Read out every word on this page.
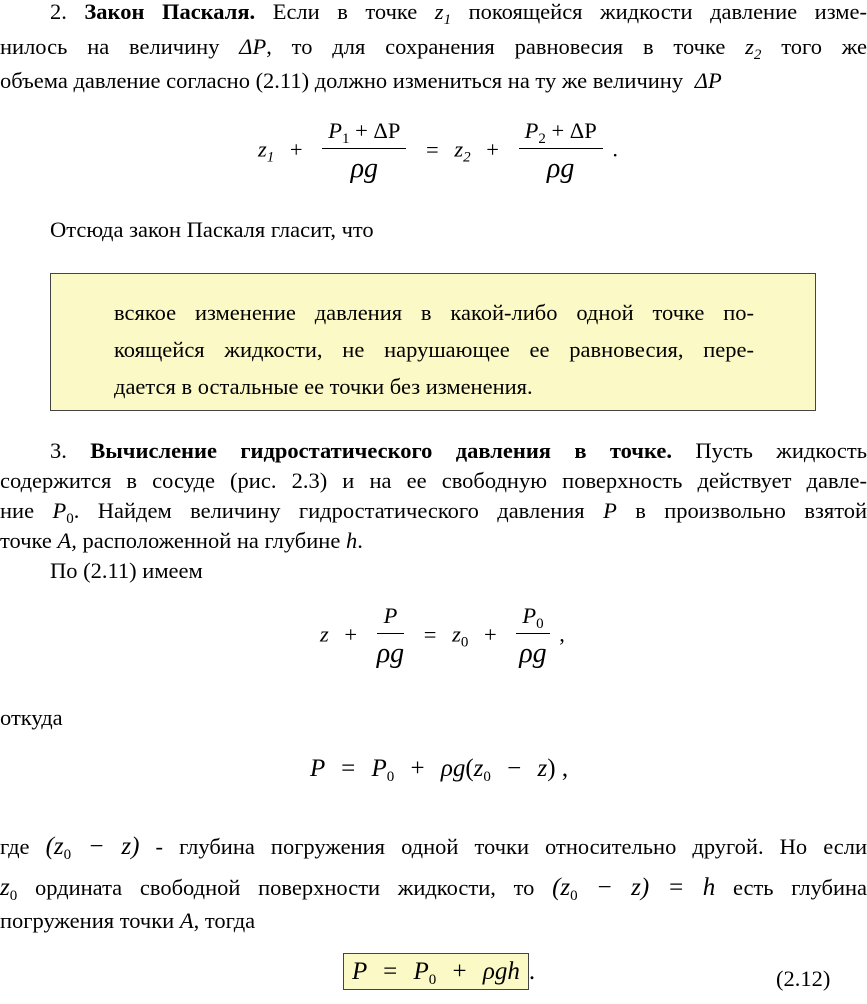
2. Закон Паскаля. Если в точке $z_1$ покоящейся жидкости давление изме-
нилось на величину ΔP, то для сохранения равновесия в точке $z_2$ того же
объема давление согласно (2.11) должно измениться на ту же величину ΔP
$z_1 + \frac{P_1 + \Delta P}{\rho g} = z_2 + \frac{P_2 + \Delta P}{\rho g}$ .
Отсюда закон Паскаля гласит, что
всякое изменение давления в какой-либо одной точке по-
коящейся жидкости, не нарушающее ее равновесия, пере-
дается в остальные ее точки без изменения.
3. Вычисление гидростатического давления в точке. Пусть жидкость
содержится в сосуде (рис. 2.3) и на ее свободную поверхность действует давле-
ние $P_0$. Найдем величину гидростатического давления P в произвольно взятой
точке A, расположенной на глубине h.
По (2.11) имеем
$z + \frac{P}{\rho g} = z_0 + \frac{P_0}{\rho g}$ ,
откуда
$P = P_0 + \rho g(z_0 - z)$ ,
где $(z_0 - z)$ - глубина погружения одной точки относительно другой. Но если
$z_0$ ордината свободной поверхности жидкости, то $(z_0 - z) = h$ есть глубина
погружения точки A, тогда
$P = P_0 + \rho gh$ .	(2.12)
